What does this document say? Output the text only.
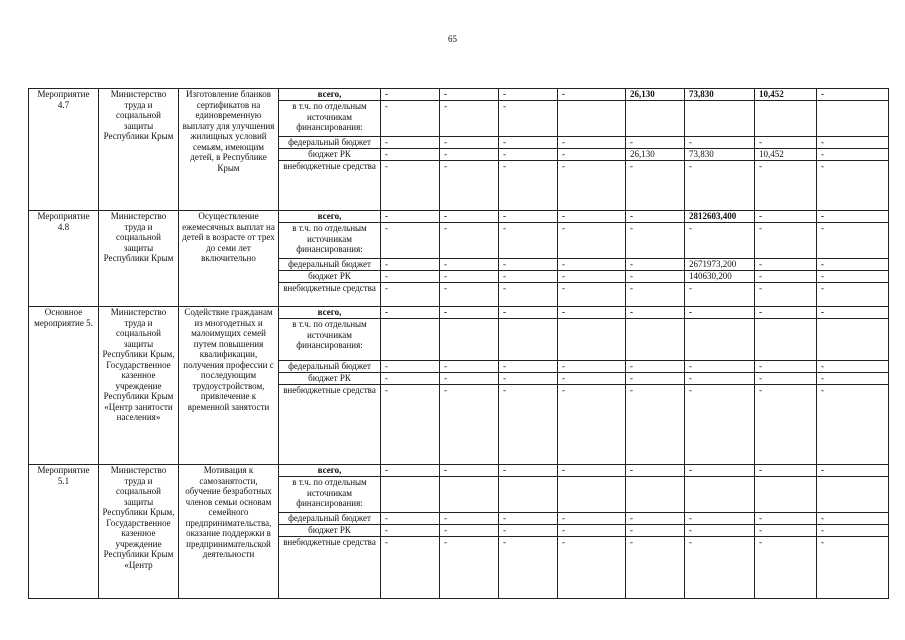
65
Мероприятие 4.7	Министерство труда и социальной защиты Республики Крым	Изготовление бланков сертификатов на единовременную выплату для улучшения жилищных условий семьям, имеющим детей, в Республике Крым	всего,	-	-	-	-	26,130	73,830	10,452	-
			в т.ч. по отдельным источникам финансирования:	-	-	-					
			федеральный бюджет	-	-	-	-	-	-	-	-
			бюджет РК	-	-	-	-	26,130	73,830	10,452	-
			внебюджетные средства	-	-	-	-	-	-	-	-
Мероприятие 4.8	Министерство труда и социальной защиты Республики Крым	Осуществление ежемесячных выплат на детей в возрасте от трех до семи лет включительно	всего,	-	-	-	-	-	2812603,400	-	-
			в т.ч. по отдельным источникам финансирования:	-	-	-	-	-	-	-	-
			федеральный бюджет	-	-	-	-	-	2671973,200	-	-
			бюджет РК	-	-	-	-	-	140630,200	-	-
			внебюджетные средства	-	-	-	-	-	-	-	-
Основное мероприятие 5.	Министерство труда и социальной защиты Республики Крым, Государственное казенное учреждение Республики Крым «Центр занятости населения»	Содействие гражданам из многодетных и малоимущих семей путем повышения квалификации, получения профессии с последующим трудоустройством, привлечение к временной занятости	всего,	-	-	-	-	-	-	-	-
			в т.ч. по отдельным источникам финансирования:								
			федеральный бюджет	-	-	-	-	-	-	-	-
			бюджет РК	-	-	-	-	-	-	-	-
			внебюджетные средства	-	-	-	-	-	-	-	-
Мероприятие 5.1	Министерство труда и социальной защиты Республики Крым, Государственное казенное учреждение Республики Крым «Центр	Мотивация к самозанятости, обучение безработных членов семьи основам семейного предпринимательства, оказание поддержки в предпринимательской деятельности	всего,	-	-	-	-	-	-	-	-
			в т.ч. по отдельным источникам финансирования:								
			федеральный бюджет	-	-	-	-	-	-	-	-
			бюджет РК	-	-	-	-	-	-	-	-
			внебюджетные средства	-	-	-	-	-	-	-	-
